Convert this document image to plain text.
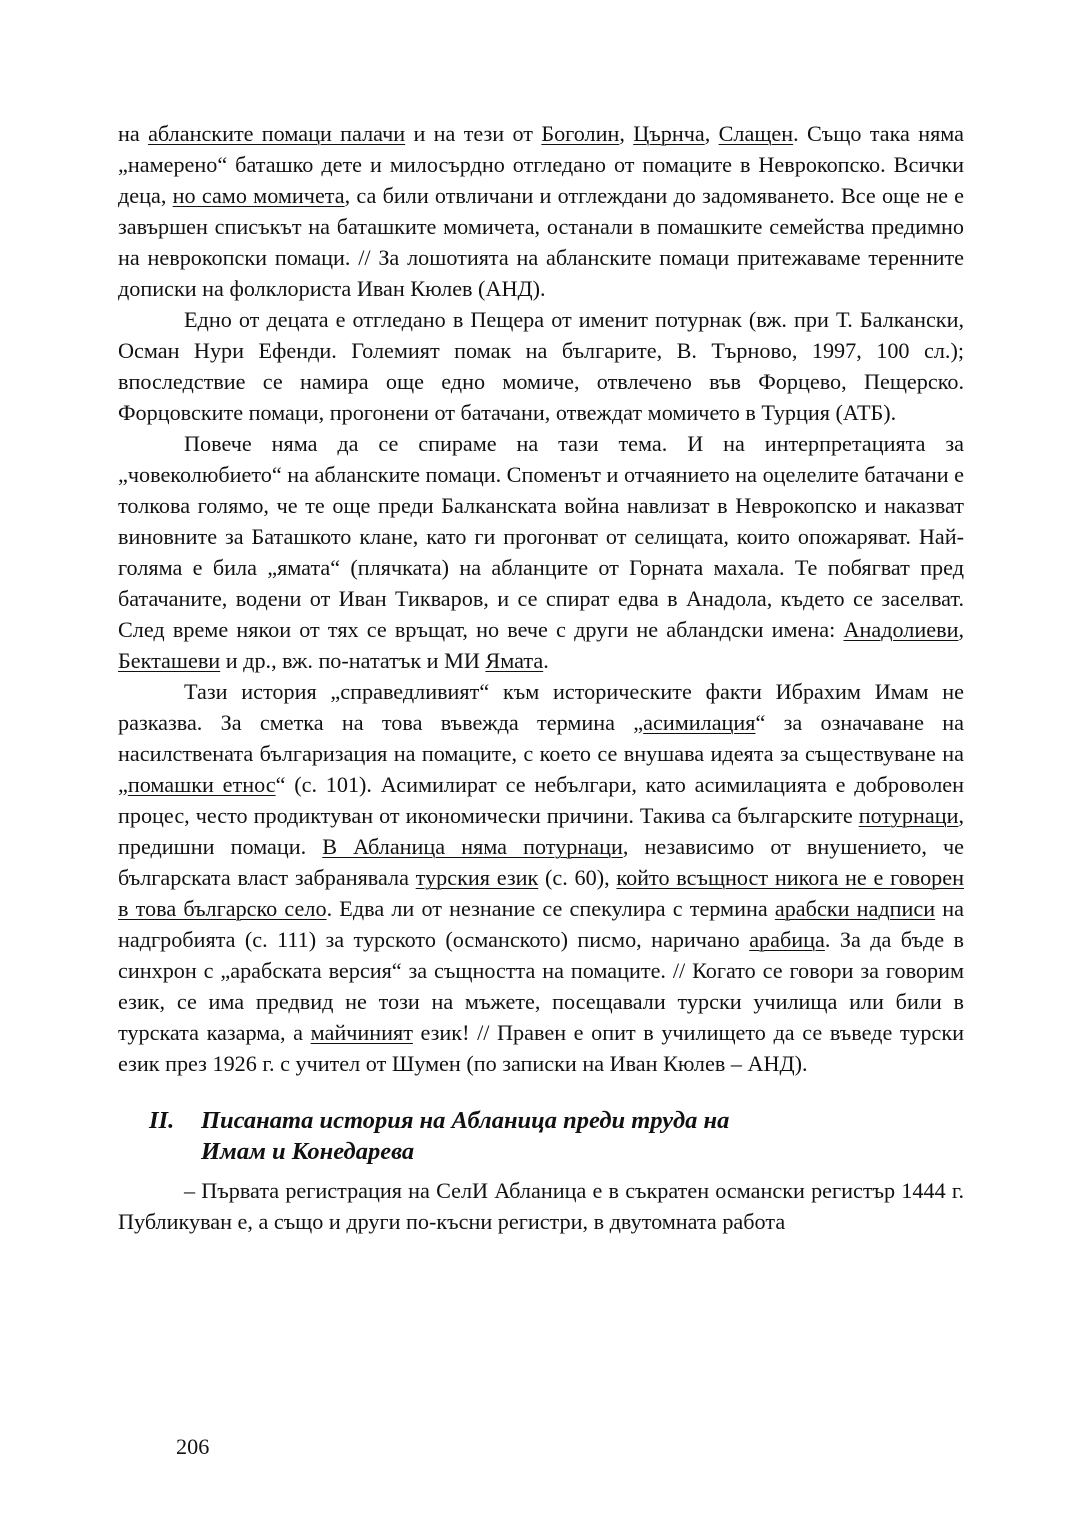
на абланските помаци палачи и на тези от Боголин, Църнча, Слащен. Също така няма „намерено“ баташко дете и милосърдно отгледано от помаците в Неврокопско. Всички деца, но само момичета, са били отвличани и отглеждани до задомяването. Все още не е завършен списъкът на баташките момичета, останали в помашките семейства предимно на неврокопски помаци. // За лошотията на абланските помаци притежаваме теренните дописки на фолклориста Иван Кюлев (АНД).

Едно от децата е отгледано в Пещера от именит потурнак (вж. при Т. Балкански, Осман Нури Ефенди. Големият помак на българите, В. Търново, 1997, 100 сл.); впоследствие се намира още едно момиче, отвлечено във Форцево, Пещерско. Форцовските помаци, прогонени от батачани, отвеждат момичето в Турция (АТБ).

Повече няма да се спираме на тази тема. И на интерпретацията за „човеколюбието“ на абланските помаци. Споменът и отчаянието на оцелелите батачани е толкова голямо, че те още преди Балканската война навлизат в Неврокопско и наказват виновните за Баташкото клане, като ги прогонват от селищата, които опожаряват. Най-голяма е била „ямата“ (плячката) на абланците от Горната махала. Те побягват пред батачаните, водени от Иван Тикваров, и се спират едва в Анадола, където се заселват. След време някои от тях се връщат, но вече с други не абландски имена: Анадолиеви, Бекташеви и др., вж. по-нататък и МИ Ямата.

Тази история „справедливият“ към историческите факти Ибрахим Имам не разказва. За сметка на това въвежда термина „асимилация“ за означаване на насилствената българизация на помаците, с което се внушава идеята за съществуване на „помашки етнос“ (с. 101). Асимилират се небългари, като асимилацията е доброволен процес, често продиктуван от икономически причини. Такива са българските потурнаци, предишни помаци. В Абланица няма потурнаци, независимо от внушението, че българската власт забранявала турския език (с. 60), който всъщност никога не е говорен в това българско село. Едва ли от незнание се спекулира с термина арабски надписи на надгробията (с. 111) за турското (османското) писмо, наричано арабица. За да бъде в синхрон с „арабската версия“ за същността на помаците. // Когато се говори за говорим език, се има предвид не този на мъжете, посещавали турски училища или били в турската казарма, а майчиният език! // Правен е опит в училището да се въведе турски език през 1926 г. с учител от Шумен (по записки на Иван Кюлев – АНД).

II.	Писаната история на Абланица преди труда на
Имам и Конедарева

– Първата регистрация на СелИ Абланица е в съкратен османски регистър 1444 г. Публикуван е, а също и други по-късни регистри, в двутомната работа

206
